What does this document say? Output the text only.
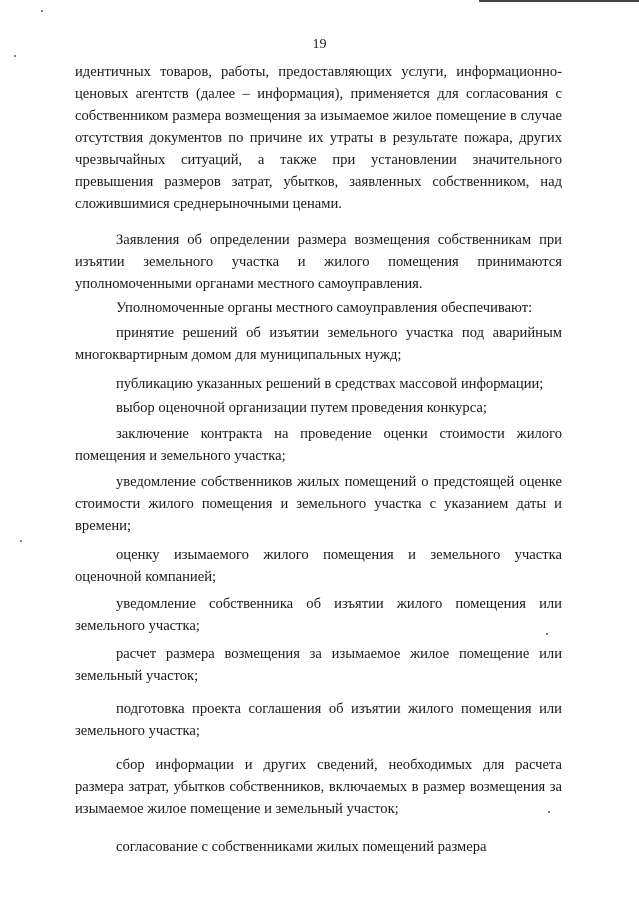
19

идентичных товаров, работы, предоставляющих услуги, информационно-ценовых агентств (далее – информация), применяется для согласования с собственником размера возмещения за изымаемое жилое помещение в случае отсутствия документов по причине их утраты в результате пожара, других чрезвычайных ситуаций, а также при установлении значительного превышения размеров затрат, убытков, заявленных собственником, над сложившимися среднерыночными ценами.

Заявления об определении размера возмещения собственникам при изъятии земельного участка и жилого помещения принимаются уполномоченными органами местного самоуправления.

Уполномоченные органы местного самоуправления обеспечивают:

принятие решений об изъятии земельного участка под аварийным многоквартирным домом для муниципальных нужд;

публикацию указанных решений в средствах массовой информации;

выбор оценочной организации путем проведения конкурса;

заключение контракта на проведение оценки стоимости жилого помещения и земельного участка;

уведомление собственников жилых помещений о предстоящей оценке стоимости жилого помещения и земельного участка с указанием даты и времени;

оценку изымаемого жилого помещения и земельного участка оценочной компанией;

уведомление собственника об изъятии жилого помещения или земельного участка;

расчет размера возмещения за изымаемое жилое помещение или земельный участок;

подготовка проекта соглашения об изъятии жилого помещения или земельного участка;

сбор информации и других сведений, необходимых для расчета размера затрат, убытков собственников, включаемых в размер возмещения за изымаемое жилое помещение и земельный участок;

согласование с собственниками жилых помещений размера
